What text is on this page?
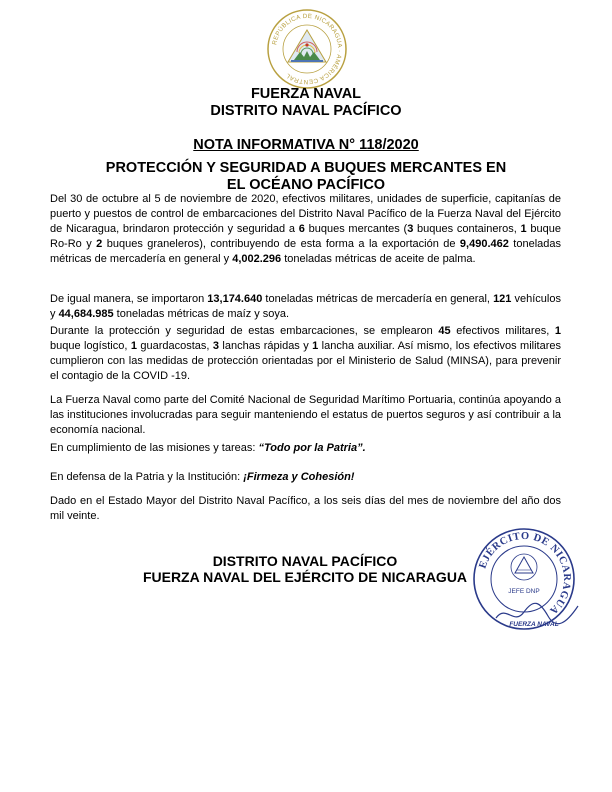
REPÚBLICA DE NICARAGUA · AMÉRICA CENTRAL
FUERZA NAVAL
DISTRITO NAVAL PACÍFICO
NOTA INFORMATIVA N° 118/2020
PROTECCIÓN Y SEGURIDAD A BUQUES MERCANTES EN EL OCÉANO PACÍFICO

Del 30 de octubre al 5 de noviembre de 2020, efectivos militares, unidades de superficie, capitanías de puerto y puestos de control de embarcaciones del Distrito Naval Pacífico de la Fuerza Naval del Ejército de Nicaragua, brindaron protección y seguridad a 6 buques mercantes (3 buques containeros, 1 buque Ro-Ro y 2 buques graneleros), contribuyendo de esta forma a la exportación de 9,490.462 toneladas métricas de mercadería en general y 4,002.296 toneladas métricas de aceite de palma.

De igual manera, se importaron 13,174.640 toneladas métricas de mercadería en general, 121 vehículos y 44,684.985 toneladas métricas de maíz y soya.

Durante la protección y seguridad de estas embarcaciones, se emplearon 45 efectivos militares, 1 buque logístico, 1 guardacostas, 3 lanchas rápidas y 1 lancha auxiliar. Así mismo, los efectivos militares cumplieron con las medidas de protección orientadas por el Ministerio de Salud (MINSA), para prevenir el contagio de la COVID -19.

La Fuerza Naval como parte del Comité Nacional de Seguridad Marítimo Portuaria, continúa apoyando a las instituciones involucradas para seguir manteniendo el estatus de puertos seguros y así contribuir a la economía nacional.

En cumplimiento de las misiones y tareas: “Todo por la Patria”.

En defensa de la Patria y la Institución: ¡Firmeza y Cohesión!

Dado en el Estado Mayor del Distrito Naval Pacífico, a los seis días del mes de noviembre del año dos mil veinte.

DISTRITO NAVAL PACÍFICO
FUERZA NAVAL DEL EJÉRCITO DE NICARAGUA
EJÉRCITO DE NICARAGUA
JEFE DNP
FUERZA NAVAL
